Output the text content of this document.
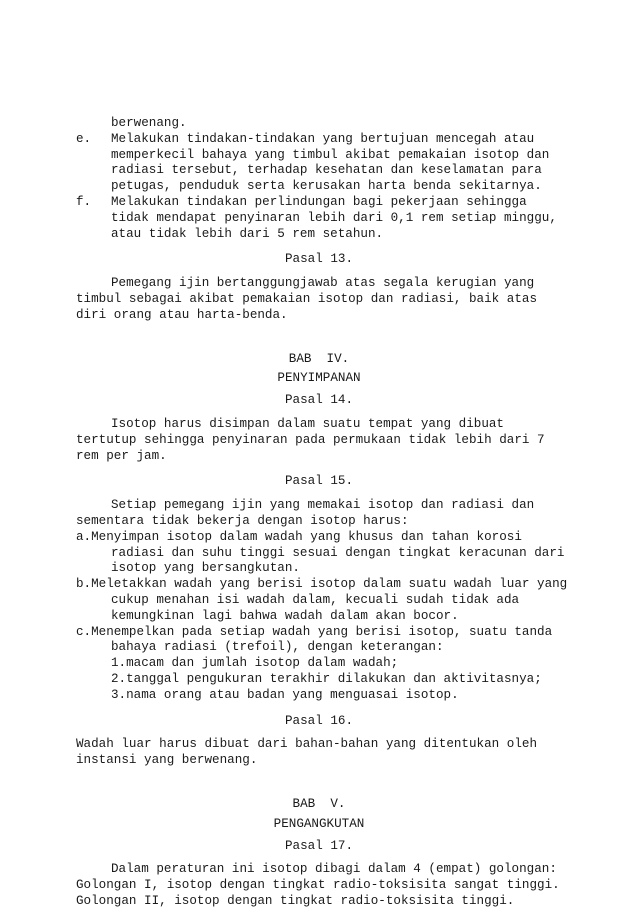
berwenang.
e. Melakukan tindakan-tindakan yang bertujuan mencegah atau
memperkecil bahaya yang timbul akibat pemakaian isotop dan
radiasi tersebut, terhadap kesehatan dan keselamatan para
petugas, penduduk serta kerusakan harta benda sekitarnya.
f. Melakukan tindakan perlindungan bagi pekerjaan sehingga
tidak mendapat penyinaran lebih dari 0,1 rem setiap minggu,
atau tidak lebih dari 5 rem setahun.
Pasal 13.
Pemegang ijin bertanggungjawab atas segala kerugian yang
timbul sebagai akibat pemakaian isotop dan radiasi, baik atas
diri orang atau harta-benda.
BAB  IV.
PENYIMPANAN
Pasal 14.
Isotop harus disimpan dalam suatu tempat yang dibuat
tertutup sehingga penyinaran pada permukaan tidak lebih dari 7
rem per jam.
Pasal 15.
Setiap pemegang ijin yang memakai isotop dan radiasi dan
sementara tidak bekerja dengan isotop harus:
a.Menyimpan isotop dalam wadah yang khusus dan tahan korosi
radiasi dan suhu tinggi sesuai dengan tingkat keracunan dari
isotop yang bersangkutan.
b.Meletakkan wadah yang berisi isotop dalam suatu wadah luar yang
cukup menahan isi wadah dalam, kecuali sudah tidak ada
kemungkinan lagi bahwa wadah dalam akan bocor.
c.Menempelkan pada setiap wadah yang berisi isotop, suatu tanda
bahaya radiasi (trefoil), dengan keterangan:
1.macam dan jumlah isotop dalam wadah;
2.tanggal pengukuran terakhir dilakukan dan aktivitasnya;
3.nama orang atau badan yang menguasai isotop.
Pasal 16.
Wadah luar harus dibuat dari bahan-bahan yang ditentukan oleh
instansi yang berwenang.
BAB  V.
PENGANGKUTAN
Pasal 17.
Dalam peraturan ini isotop dibagi dalam 4 (empat) golongan:
Golongan I, isotop dengan tingkat radio-toksisita sangat tinggi.
Golongan II, isotop dengan tingkat radio-toksisita tinggi.
